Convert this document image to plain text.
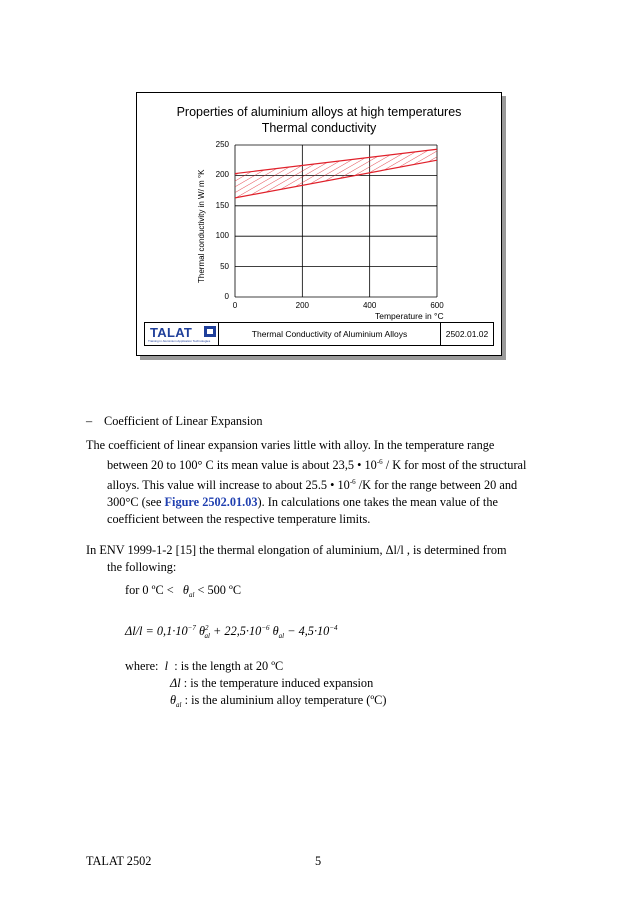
Properties of aluminium alloys at high temperatures
Thermal conductivity
0
50
100
150
200
250
0	200	400	600
Thermal conductivity in W/ m °K
Temperature in °C
TALAT
Training in Aluminium Application Technologies
Thermal Conductivity of Aluminium Alloys	2502.01.02
– Coefficient of Linear Expansion
The coefficient of linear expansion varies little with alloy. In the temperature range
between 20 to 100° C its mean value is about 23,5 • $10^{-6}$ / K for most of the structural
alloys. This value will increase to about 25.5 • $10^{-6}$ /K for the range between 20 and
300°C (see Figure 2502.01.03). In calculations one takes the mean value of the
coefficient between the respective temperature limits.
In ENV 1999-1-2 [15] the thermal elongation of aluminium, Δl/l , is determined from
the following:
for 0 ºC < $\theta_{al} < 500$ ºC
$\Delta l/l = 0,1\cdot 10^{-7}$ $\theta^2_{al} + 22,5\cdot 10^{-6}$ $\theta_{al} - 4,5\cdot 10^{-4}$
where: l : is the length at 20 ºC
Δl : is the temperature induced expansion
$\theta_{al}$ : is the aluminium alloy temperature (ºC)
TALAT 2502	5
